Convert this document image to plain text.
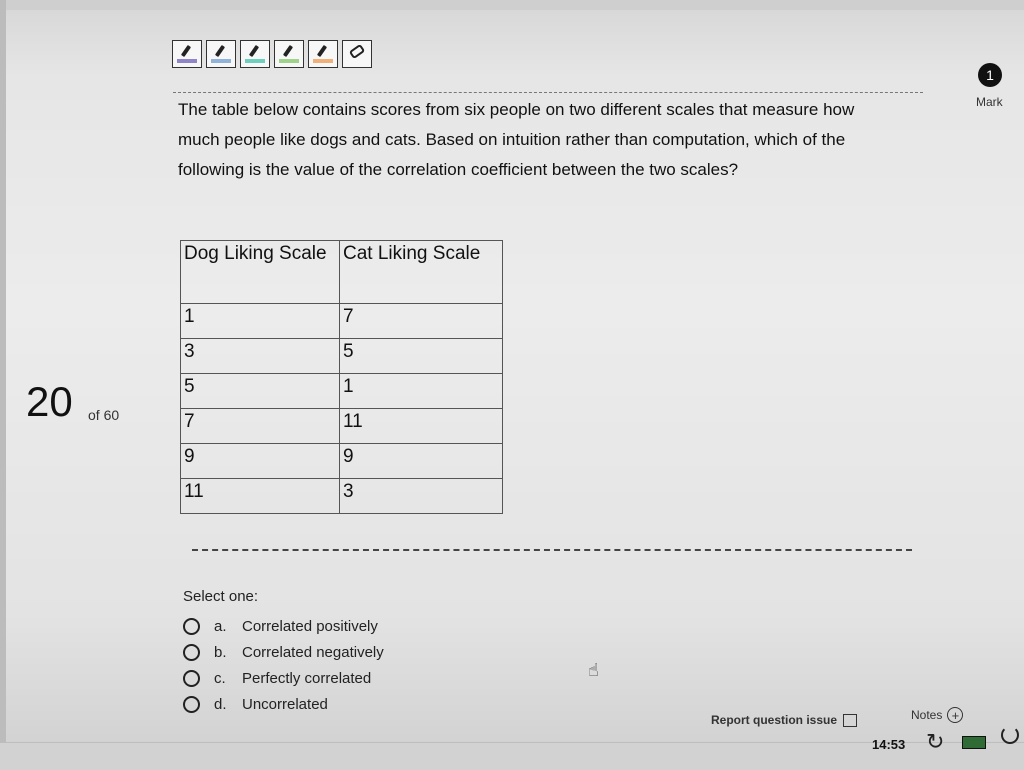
1
Mark
The table below contains scores from six people on two different scales that measure how much people like dogs and cats. Based on intuition rather than computation, which of the following is the value of the correlation coefficient between the two scales?
Dog Liking Scale	Cat Liking Scale
1	7
3	5
5	1
7	11
9	9
11	3
20 of 60
Select one:
a.	Correlated positively
b.	Correlated negatively
c.	Perfectly correlated
d.	Uncorrelated
☝
Report question issue	Notes +
14:53 ↻
